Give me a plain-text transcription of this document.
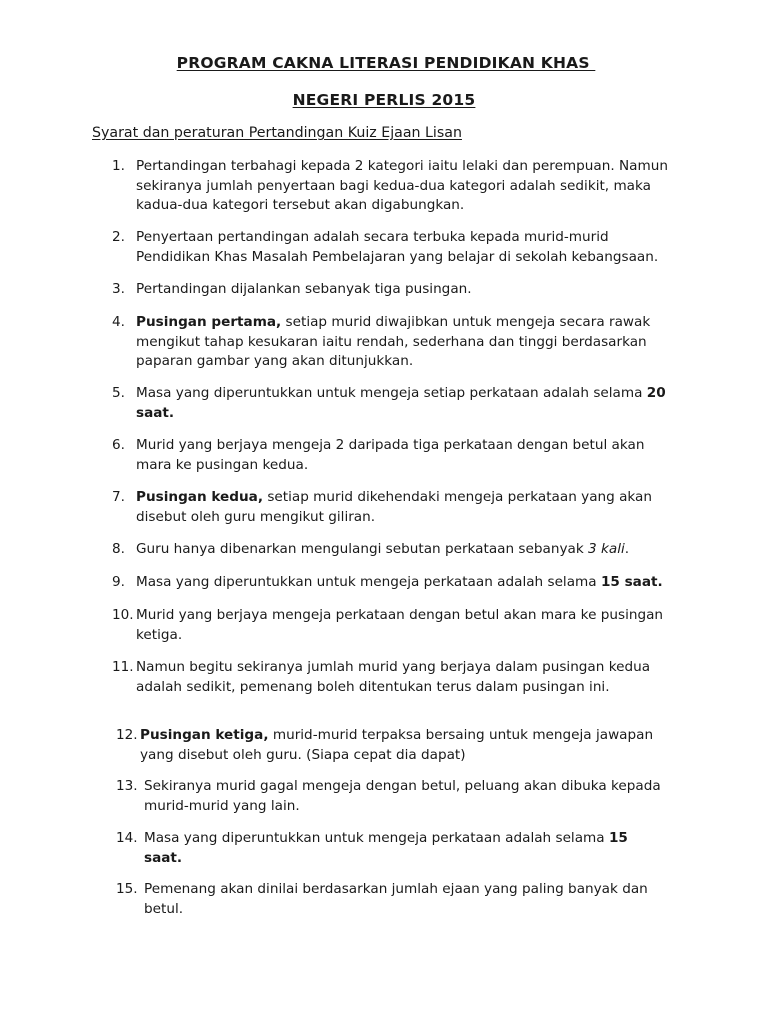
PROGRAM CAKNA LITERASI PENDIDIKAN KHAS
NEGERI PERLIS 2015

Syarat dan peraturan Pertandingan Kuiz Ejaan Lisan

1. Pertandingan terbahagi kepada 2 kategori iaitu lelaki dan perempuan. Namun sekiranya jumlah penyertaan bagi kedua-dua kategori adalah sedikit, maka kadua-dua kategori tersebut akan digabungkan.
2. Penyertaan pertandingan adalah secara terbuka kepada murid-murid Pendidikan Khas Masalah Pembelajaran yang belajar di sekolah kebangsaan.
3. Pertandingan dijalankan sebanyak tiga pusingan.
4. Pusingan pertama, setiap murid diwajibkan untuk mengeja secara rawak mengikut tahap kesukaran iaitu rendah, sederhana dan tinggi berdasarkan paparan gambar yang akan ditunjukkan.
5. Masa yang diperuntukkan untuk mengeja setiap perkataan adalah selama 20 saat.
6. Murid yang berjaya mengeja 2 daripada tiga perkataan dengan betul akan mara ke pusingan kedua.
7. Pusingan kedua, setiap murid dikehendaki mengeja perkataan yang akan disebut oleh guru mengikut giliran.
8. Guru hanya dibenarkan mengulangi sebutan perkataan sebanyak 3 kali.
9. Masa yang diperuntukkan untuk mengeja perkataan adalah selama 15 saat.
10. Murid yang berjaya mengeja perkataan dengan betul akan mara ke pusingan ketiga.
11. Namun begitu sekiranya jumlah murid yang berjaya dalam pusingan kedua adalah sedikit, pemenang boleh ditentukan terus dalam pusingan ini.
12. Pusingan ketiga, murid-murid terpaksa bersaing untuk mengeja jawapan yang disebut oleh guru. (Siapa cepat dia dapat)
13. Sekiranya murid gagal mengeja dengan betul, peluang akan dibuka kepada murid-murid yang lain.
14. Masa yang diperuntukkan untuk mengeja perkataan adalah selama 15 saat.
15. Pemenang akan dinilai berdasarkan jumlah ejaan yang paling banyak dan betul.
